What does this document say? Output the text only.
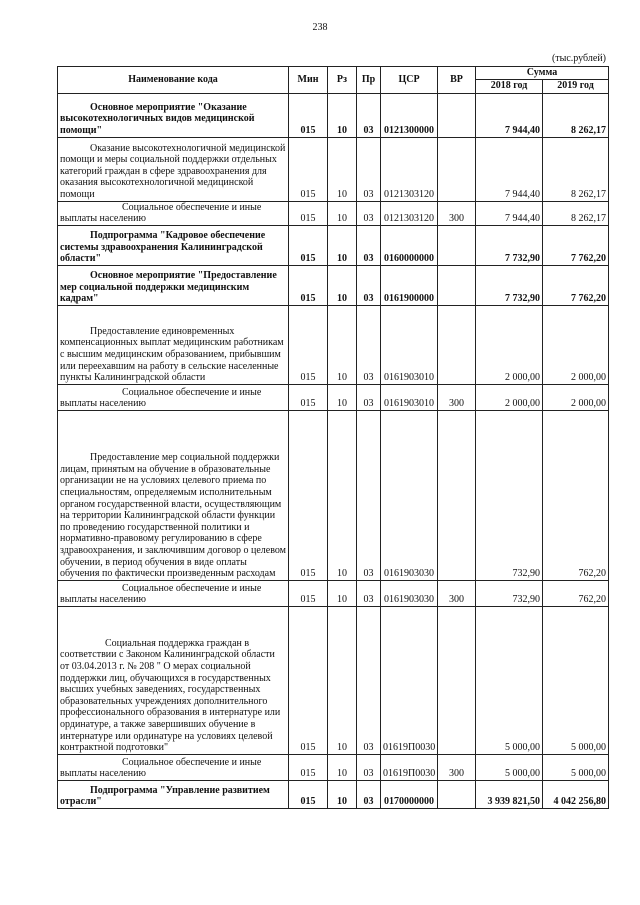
238
(тыс.рублей)
Наименование кода	Мин	Рз	Пр	ЦСР	ВР	Сумма	
						2018 год	2019 год
Основное мероприятие "Оказание высокотехнологичных видов медицинской помощи"	015	10	03	0121300000		7 944,40	8 262,17
Оказание высокотехнологичной медицинской помощи и меры социальной поддержки отдельных категорий граждан в сфере здравоохранения для оказания высокотехнологичной медицинской помощи	015	10	03	0121303120		7 944,40	8 262,17
Социальное обеспечение и иные выплаты населению	015	10	03	0121303120	300	7 944,40	8 262,17
Подпрограмма "Кадровое обеспечение системы здравоохранения Калининградской области"	015	10	03	0160000000		7 732,90	7 762,20
Основное мероприятие "Предоставление мер социальной поддержки медицинским кадрам"	015	10	03	0161900000		7 732,90	7 762,20
Предоставление единовременных компенсационных выплат медицинским работникам с высшим медицинским образованием, прибывшим или переехавшим на работу в сельские населенные пункты Калининградской области	015	10	03	0161903010		2 000,00	2 000,00
Социальное обеспечение и иные выплаты населению	015	10	03	0161903010	300	2 000,00	2 000,00
Предоставление мер социальной поддержки лицам, принятым на обучение в образовательные организации не на условиях целевого приема по специальностям, определяемым исполнительным органом государственной власти, осуществляющим на территории Калининградской области функции по проведению государственной политики и нормативно-правовому регулированию в сфере здравоохранения, и заключившим договор о целевом обучении, в период обучения в виде оплаты обучения по фактически произведенным расходам	015	10	03	0161903030		732,90	762,20
Социальное обеспечение и иные выплаты населению	015	10	03	0161903030	300	732,90	762,20
Социальная поддержка граждан в соответствии с Законом Калининградской области от 03.04.2013 г. № 208 " О мерах социальной поддержки лиц, обучающихся в государственных высших учебных заведениях, государственных образовательных учреждениях дополнительного профессионального образования в интернатуре или ординатуре, а также завершивших обучение в интернатуре или ординатуре на условиях целевой контрактной подготовки"	015	10	03	01619П0030		5 000,00	5 000,00
Социальное обеспечение и иные выплаты населению	015	10	03	01619П0030	300	5 000,00	5 000,00
Подпрограмма "Управление развитием отрасли"	015	10	03	0170000000		3 939 821,50	4 042 256,80
